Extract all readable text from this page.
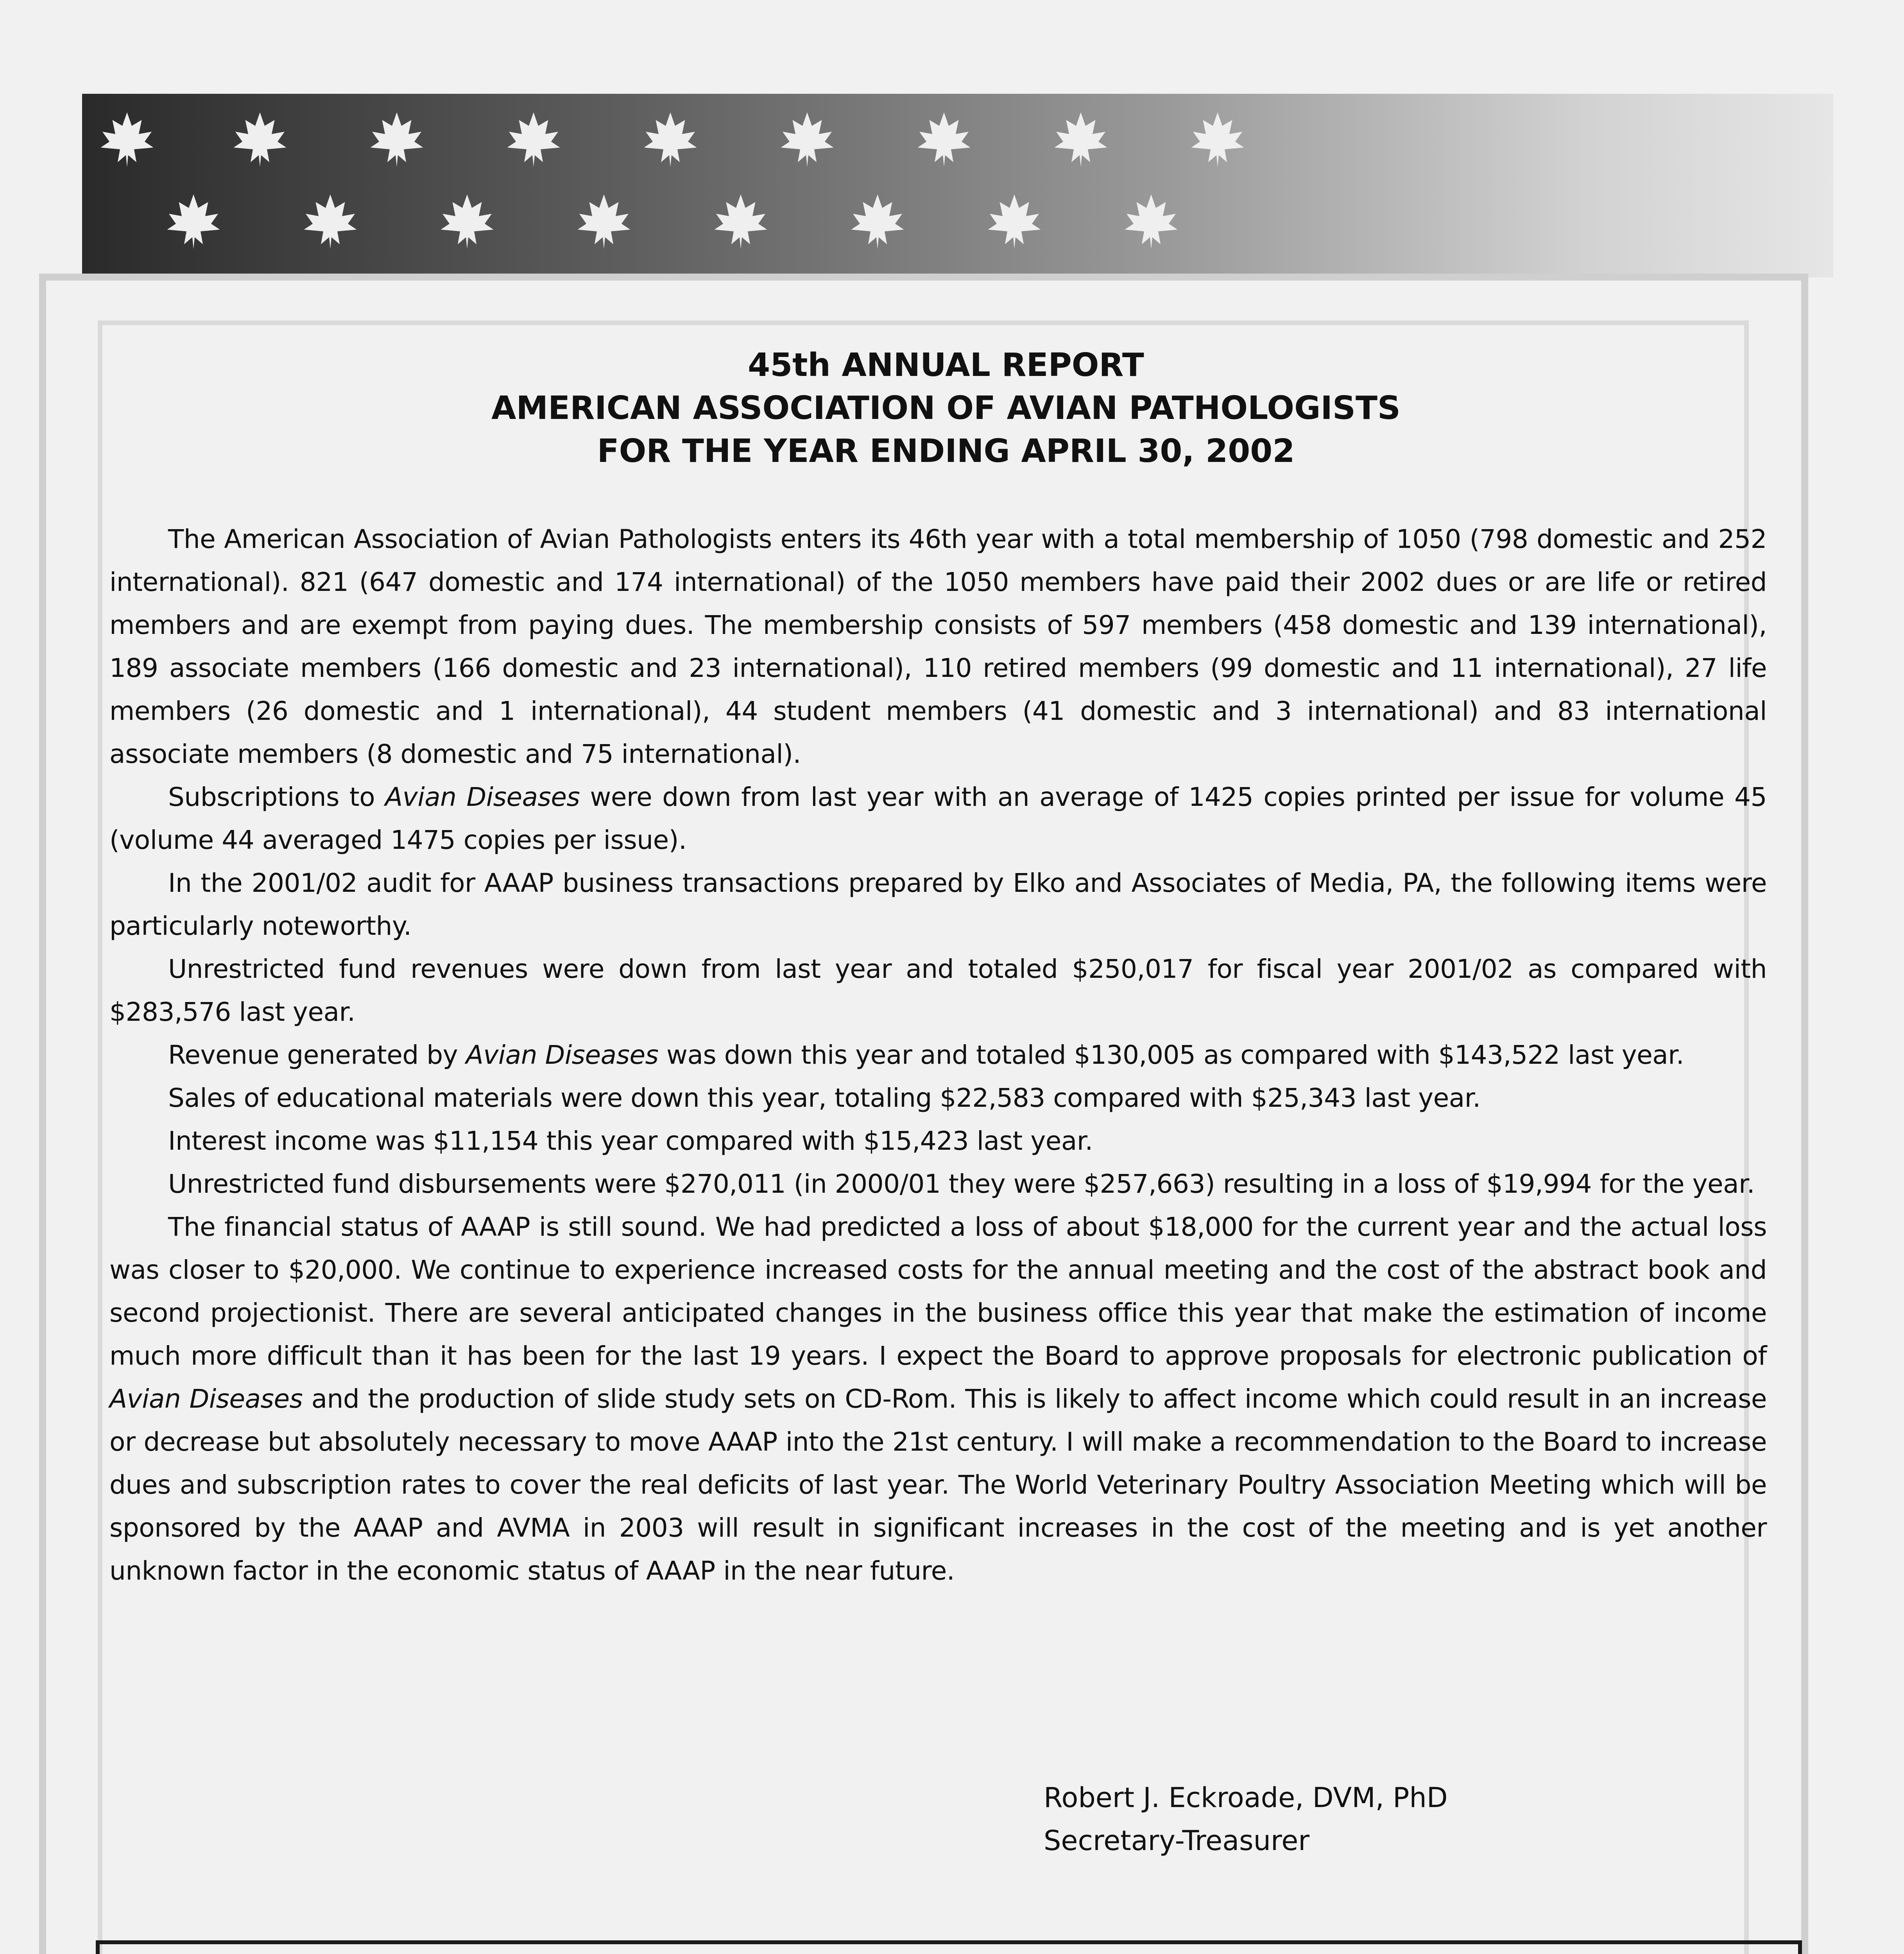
45th ANNUAL REPORT
AMERICAN ASSOCIATION OF AVIAN PATHOLOGISTS
FOR THE YEAR ENDING APRIL 30, 2002

The American Association of Avian Pathologists enters its 46th year with a total membership of 1050 (798 domestic and 252 international). 821 (647 domestic and 174 international) of the 1050 members have paid their 2002 dues or are life or retired members and are exempt from paying dues. The membership consists of 597 members (458 domestic and 139 international), 189 associate members (166 domestic and 23 international), 110 retired members (99 domestic and 11 international), 27 life members (26 domestic and 1 international), 44 student members (41 domestic and 3 international) and 83 international associate members (8 domestic and 75 international).

Subscriptions to Avian Diseases were down from last year with an average of 1425 copies printed per issue for volume 45 (volume 44 averaged 1475 copies per issue).

In the 2001/02 audit for AAAP business transactions prepared by Elko and Associates of Media, PA, the following items were particularly noteworthy.

Unrestricted fund revenues were down from last year and totaled $250,017 for fiscal year 2001/02 as compared with $283,576 last year.

Revenue generated by Avian Diseases was down this year and totaled $130,005 as compared with $143,522 last year.

Sales of educational materials were down this year, totaling $22,583 compared with $25,343 last year.

Interest income was $11,154 this year compared with $15,423 last year.

Unrestricted fund disbursements were $270,011 (in 2000/01 they were $257,663) resulting in a loss of $19,994 for the year.

The financial status of AAAP is still sound. We had predicted a loss of about $18,000 for the current year and the actual loss was closer to $20,000. We continue to experience increased costs for the annual meeting and the cost of the abstract book and second projectionist. There are several anticipated changes in the business office this year that make the estimation of income much more difficult than it has been for the last 19 years. I expect the Board to approve proposals for electronic publication of Avian Diseases and the production of slide study sets on CD-Rom. This is likely to affect income which could result in an increase or decrease but absolutely necessary to move AAAP into the 21st century. I will make a recommendation to the Board to increase dues and subscription rates to cover the real deficits of last year. The World Veterinary Poultry Association Meeting which will be sponsored by the AAAP and AVMA in 2003 will result in significant increases in the cost of the meeting and is yet another unknown factor in the economic status of AAAP in the near future.

Robert J. Eckroade, DVM, PhD
Secretary-Treasurer
